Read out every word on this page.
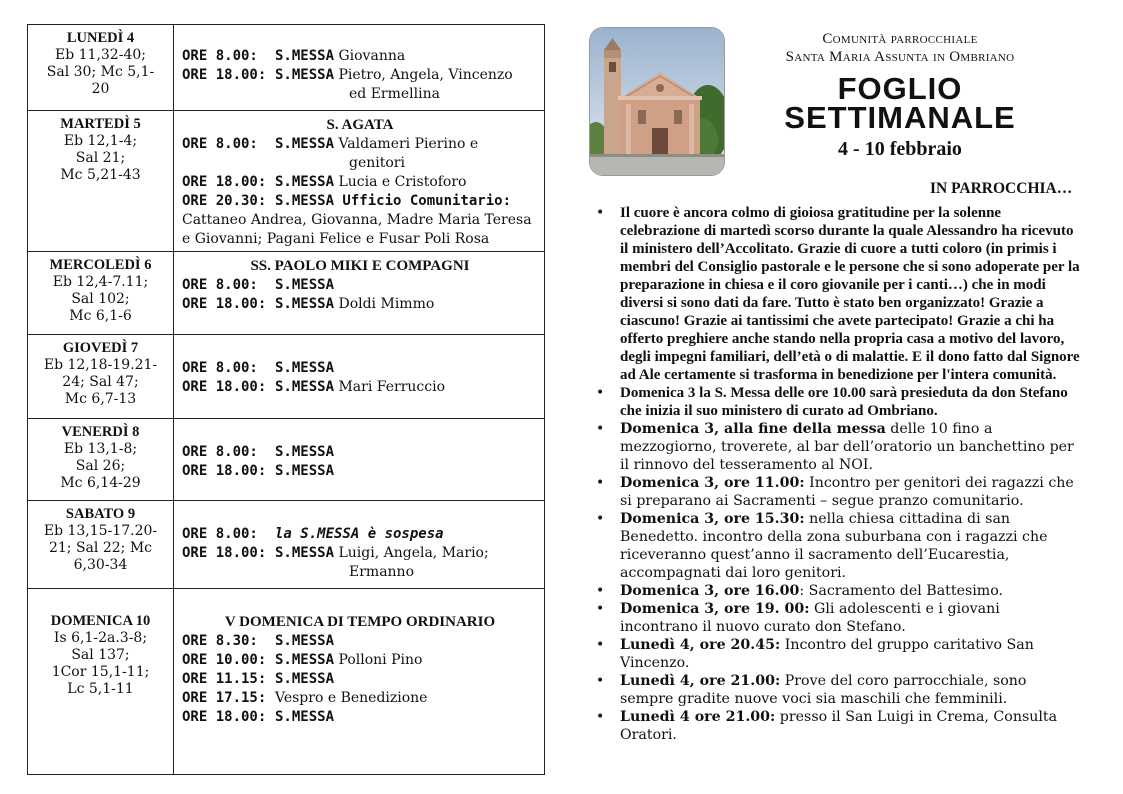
LUNEDÌ 4
Eb 11,32-40;
Sal 30; Mc 5,1-
20
ORE 8.00: S.MESSA Giovanna
ORE 18.00: S.MESSA Pietro, Angela, Vincenzo
ed Ermellina
MARTEDÌ 5
Eb 12,1-4;
Sal 21;
Mc 5,21-43
S. AGATA
ORE 8.00: S.MESSA Valdameri Pierino e
genitori
ORE 18.00: S.MESSA Lucia e Cristoforo
ORE 20.30: S.MESSA Ufficio Comunitario:
Cattaneo Andrea, Giovanna, Madre Maria Teresa e Giovanni; Pagani Felice e Fusar Poli Rosa
MERCOLEDÌ 6
Eb 12,4-7.11;
Sal 102;
Mc 6,1-6
SS. PAOLO MIKI E COMPAGNI
ORE 8.00: S.MESSA
ORE 18.00: S.MESSA Doldi Mimmo
GIOVEDÌ 7
Eb 12,18-19.21-
24; Sal 47;
Mc 6,7-13
ORE 8.00: S.MESSA
ORE 18.00: S.MESSA Mari Ferruccio
VENERDÌ 8
Eb 13,1-8;
Sal 26;
Mc 6,14-29
ORE 8.00: S.MESSA
ORE 18.00: S.MESSA
SABATO 9
Eb 13,15-17.20-
21; Sal 22; Mc
6,30-34
ORE 8.00: la S.MESSA è sospesa
ORE 18.00: S.MESSA Luigi, Angela, Mario;
Ermanno
DOMENICA 10
Is 6,1-2a.3-8;
Sal 137;
1Cor 15,1-11;
Lc 5,1-11
V DOMENICA DI TEMPO ORDINARIO
ORE 8.30: S.MESSA
ORE 10.00: S.MESSA Polloni Pino
ORE 11.15: S.MESSA
ORE 17.15: Vespro e Benedizione
ORE 18.00: S.MESSA
Comunità parrocchiale
Santa Maria Assunta in Ombriano
FOGLIO
SETTIMANALE
4 - 10 febbraio
IN PARROCCHIA…
• Il cuore è ancora colmo di gioiosa gratitudine per la solenne celebrazione di martedì scorso durante la quale Alessandro ha ricevuto il ministero dell’Accolitato. Grazie di cuore a tutti coloro (in primis i membri del Consiglio pastorale e le persone che si sono adoperate per la preparazione in chiesa e il coro giovanile per i canti…) che in modi diversi si sono dati da fare. Tutto è stato ben organizzato! Grazie a ciascuno! Grazie ai tantissimi che avete partecipato! Grazie a chi ha offerto preghiere anche stando nella propria casa a motivo del lavoro, degli impegni familiari, dell’età o di malattie. E il dono fatto dal Signore ad Ale certamente si trasforma in benedizione per l'intera comunità.
• Domenica 3 la S. Messa delle ore 10.00 sarà presieduta da don Stefano che inizia il suo ministero di curato ad Ombriano.
• Domenica 3, alla fine della messa delle 10 fino a mezzogiorno, troverete, al bar dell’oratorio un banchettino per il rinnovo del tesseramento al NOI.
• Domenica 3, ore 11.00: Incontro per genitori dei ragazzi che si preparano ai Sacramenti – segue pranzo comunitario.
• Domenica 3, ore 15.30: nella chiesa cittadina di san Benedetto. incontro della zona suburbana con i ragazzi che riceveranno quest’anno il sacramento dell’Eucarestia, accompagnati dai loro genitori.
• Domenica 3, ore 16.00: Sacramento del Battesimo.
• Domenica 3, ore 19. 00: Gli adolescenti e i giovani incontrano il nuovo curato don Stefano.
• Lunedì 4, ore 20.45: Incontro del gruppo caritativo San Vincenzo.
• Lunedì 4, ore 21.00: Prove del coro parrocchiale, sono sempre gradite nuove voci sia maschili che femminili.
• Lunedì 4 ore 21.00: presso il San Luigi in Crema, Consulta Oratori.
